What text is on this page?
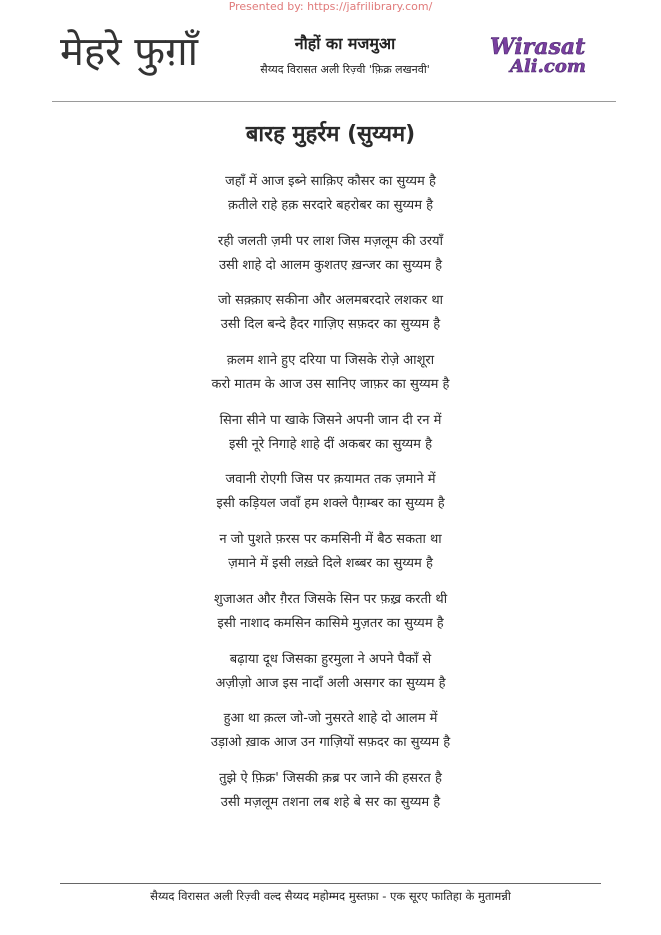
Presented by: https://jafrilibrary.com/
मेहरे फुग़ाँ	नौहों का मजमुआ
सैय्यद विरासत अली रिज़्वी 'फ़िक्र लखनवी'
Wirasat
Ali.com
बारह मुहर्रम (सुय्यम)
जहाँ में आज इब्ने साक़िए कौसर का सुय्यम है
क़तीले राहे हक़ सरदारे बहरोबर का सुय्यम है
रही जलती ज़मी पर लाश जिस मज़लूम की उरयाँ
उसी शाहे दो आलम कुशतए ख़न्जर का सुय्यम है
जो सक़्क़ाए सकीना और अलमबरदारे लशकर था
उसी दिल बन्दे हैदर गाज़िए सफ़दर का सुय्यम है
क़लम शाने हुए दरिया पा जिसके रोज़े आशूरा
करो मातम के आज उस सानिए जाफ़र का सुय्यम है
सिना सीने पा खाके जिसने अपनी जान दी रन में
इसी नूरे निगाहे शाहे दीं अकबर का सुय्यम है
जवानी रोएगी जिस पर क़यामत तक ज़माने में
इसी कड़ियल जवाँ हम शक्ले पैग़म्बर का सुय्यम है
न जो पुशते फ़रस पर कमसिनी में बैठ सकता था
ज़माने में इसी लख़्ते दिले शब्बर का सुय्यम है
शुजाअत और ग़ैरत जिसके सिन पर फ़ख़्र करती थी
इसी नाशाद कमसिन कासिमे मुज़तर का सुय्यम है
बढ़ाया दूध जिसका हुरमुला ने अपने पैकाँ से
अज़ीज़ो आज इस नादाँ अली असगर का सुय्यम है
हुआ था क़त्ल जो-जो नुसरते शाहे दो आलम में
उड़ाओ ख़ाक आज उन गाज़ियों सफ़दर का सुय्यम है
तुझे ऐ फ़िक्र' जिसकी क़ब्र पर जाने की हसरत है
उसी मज़लूम तशना लब शहे बे सर का सुय्यम है
सैय्यद विरासत अली रिज़्वी वल्द सैय्यद महोम्मद मुस्तफ़ा - एक सूरए फातिहा के मुतामन्नी
